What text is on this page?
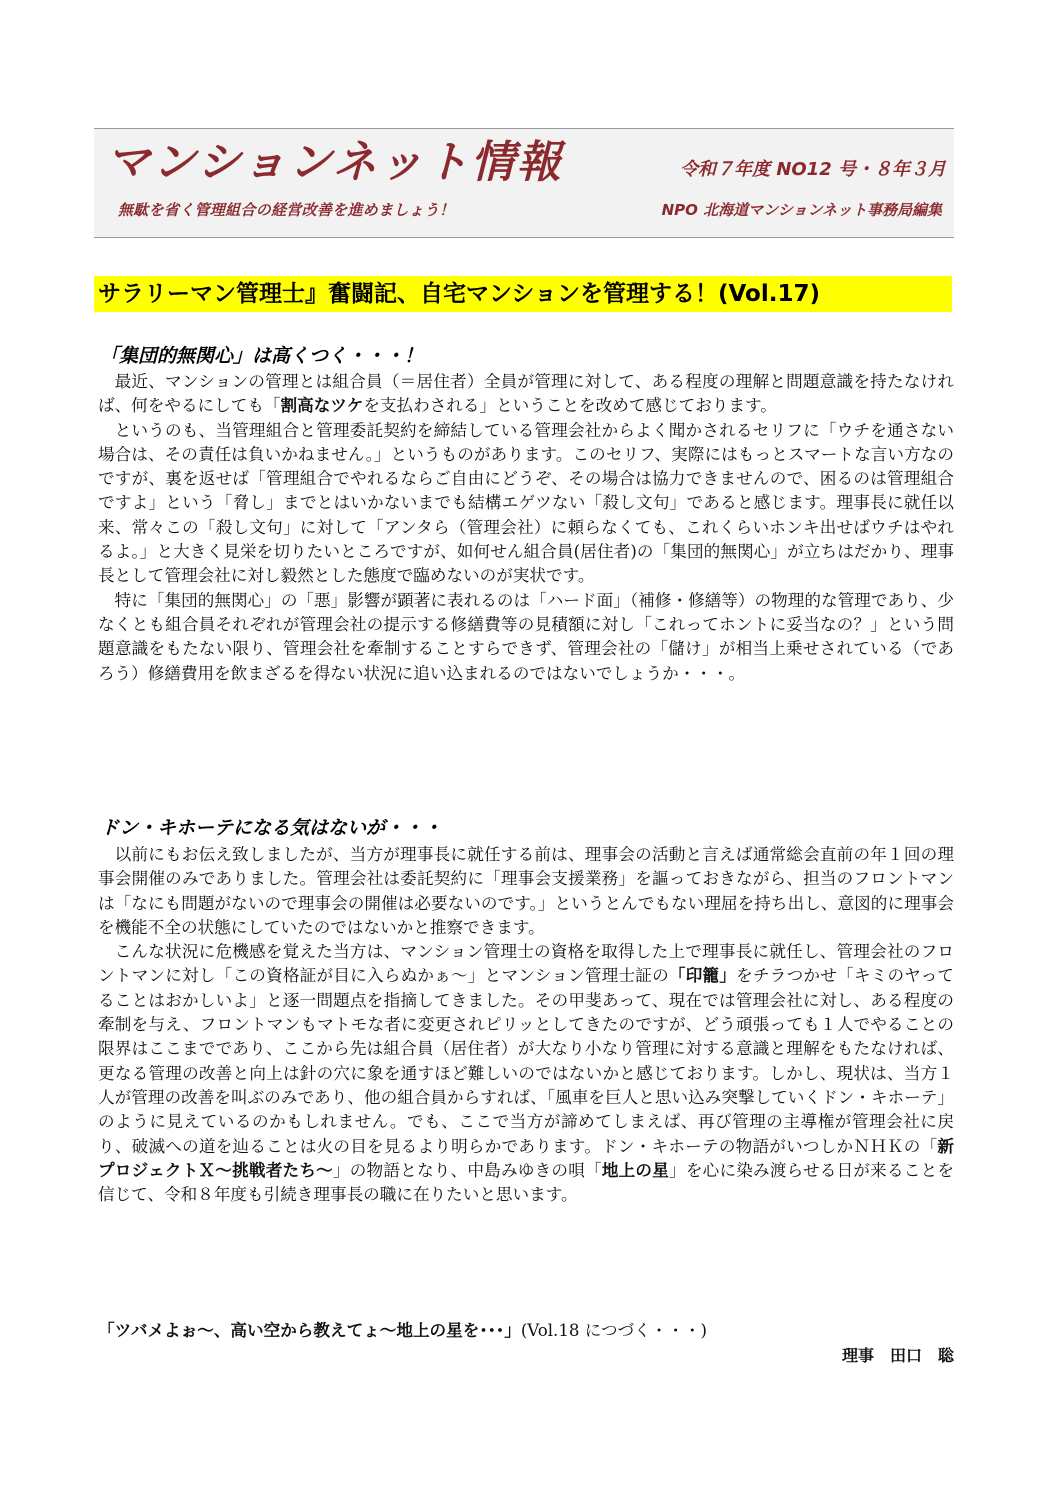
マンションネット情報	令和７年度 NO12 号・８年３月
無駄を省く管理組合の経営改善を進めましょう！	NPO 北海道マンションネット事務局編集
サラリーマン管理士』奮闘記、自宅マンションを管理する！(Vol.17)
「集団的無関心」は高くつく・・・！

最近、マンションの管理とは組合員（＝居住者）全員が管理に対して、ある程度の理解と問題意識を持たなければ、何をやるにしても「割高なツケを支払わされる」ということを改めて感じております。

というのも、当管理組合と管理委託契約を締結している管理会社からよく聞かされるセリフに「ウチを通さない場合は、その責任は負いかねません。」というものがあります。このセリフ、実際にはもっとスマートな言い方なのですが、裏を返せば「管理組合でやれるならご自由にどうぞ、その場合は協力できませんので、困るのは管理組合ですよ」という「脅し」までとはいかないまでも結構エゲツない「殺し文句」であると感じます。理事長に就任以来、常々この「殺し文句」に対して「アンタら（管理会社）に頼らなくても、これくらいホンキ出せばウチはやれるよ。」と大きく見栄を切りたいところですが、如何せん組合員(居住者)の「集団的無関心」が立ちはだかり、理事長として管理会社に対し毅然とした態度で臨めないのが実状です。

特に「集団的無関心」の「悪」影響が顕著に表れるのは「ハード面」（補修・修繕等）の物理的な管理であり、少なくとも組合員それぞれが管理会社の提示する修繕費等の見積額に対し「これってホントに妥当なの？」という問題意識をもたない限り、管理会社を牽制することすらできず、管理会社の「儲け」が相当上乗せされている（であろう）修繕費用を飲まざるを得ない状況に追い込まれるのではないでしょうか・・・。

ドン・キホーテになる気はないが・・・

以前にもお伝え致しましたが、当方が理事長に就任する前は、理事会の活動と言えば通常総会直前の年１回の理事会開催のみでありました。管理会社は委託契約に「理事会支援業務」を謳っておきながら、担当のフロントマンは「なにも問題がないので理事会の開催は必要ないのです。」というとんでもない理屈を持ち出し、意図的に理事会を機能不全の状態にしていたのではないかと推察できます。

こんな状況に危機感を覚えた当方は、マンション管理士の資格を取得した上で理事長に就任し、管理会社のフロントマンに対し「この資格証が目に入らぬかぁ～」とマンション管理士証の「印籠」をチラつかせ「キミのヤってることはおかしいよ」と逐一問題点を指摘してきました。その甲斐あって、現在では管理会社に対し、ある程度の牽制を与え、フロントマンもマトモな者に変更されピリッとしてきたのですが、どう頑張っても１人でやることの限界はここまでであり、ここから先は組合員（居住者）が大なり小なり管理に対する意識と理解をもたなければ、更なる管理の改善と向上は針の穴に象を通すほど難しいのではないかと感じております。しかし、現状は、当方１人が管理の改善を叫ぶのみであり、他の組合員からすれば、「風車を巨人と思い込み突撃していくドン・キホーテ」のように見えているのかもしれません。でも、ここで当方が諦めてしまえば、再び管理の主導権が管理会社に戻り、破滅への道を辿ることは火の目を見るより明らかであります。ドン・キホーテの物語がいつしかＮＨＫの「新プロジェクトＸ～挑戦者たち～」の物語となり、中島みゆきの唄「地上の星」を心に染み渡らせる日が来ることを信じて、令和８年度も引続き理事長の職に在りたいと思います。

「ツバメよぉ～、高い空から教えてょ～地上の星を･･･」(Vol.18 につづく・・・)

理事　田口　聡
